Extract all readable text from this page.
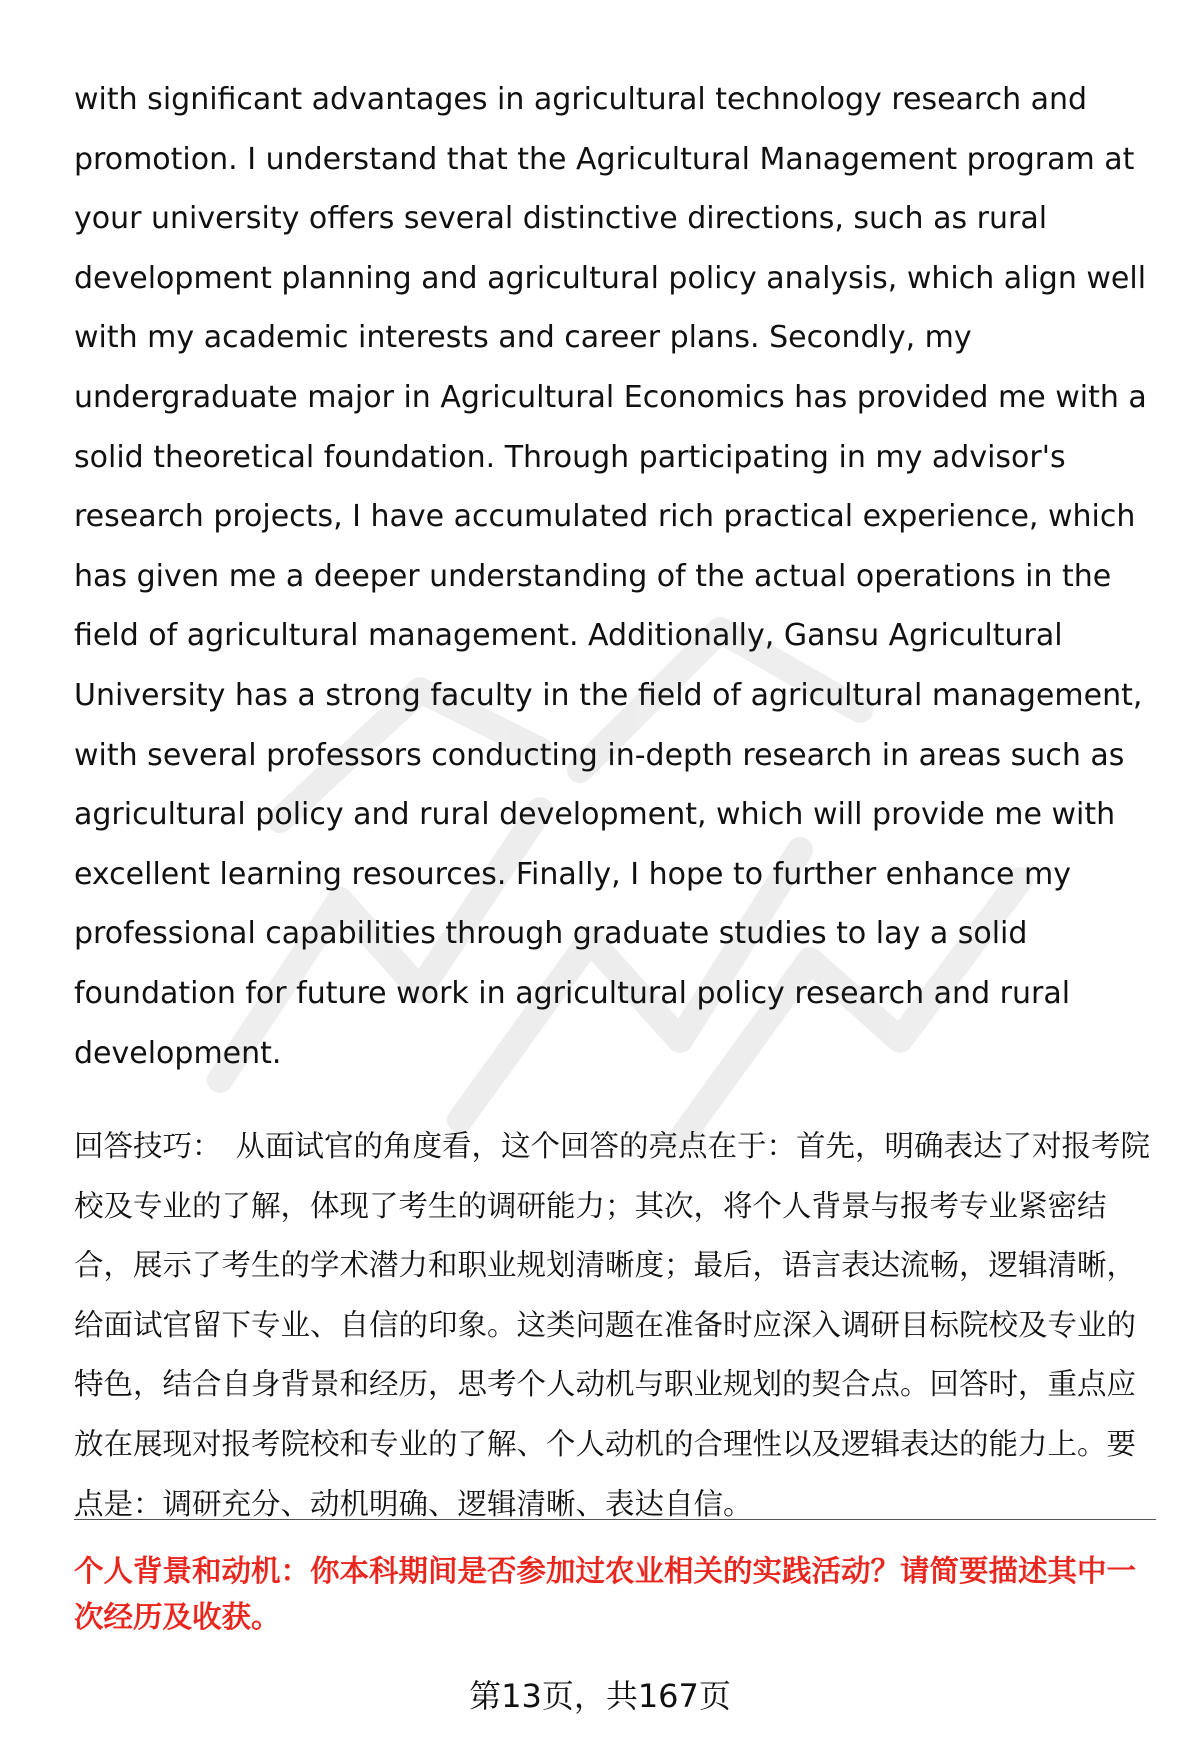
with significant advantages in agricultural technology research and promotion. I understand that the Agricultural Management program at your university offers several distinctive directions, such as rural development planning and agricultural policy analysis, which align well with my academic interests and career plans. Secondly, my undergraduate major in Agricultural Economics has provided me with a solid theoretical foundation. Through participating in my advisor's research projects, I have accumulated rich practical experience, which has given me a deeper understanding of the actual operations in the field of agricultural management. Additionally, Gansu Agricultural University has a strong faculty in the field of agricultural management, with several professors conducting in-depth research in areas such as agricultural policy and rural development, which will provide me with excellent learning resources. Finally, I hope to further enhance my professional capabilities through graduate studies to lay a solid foundation for future work in agricultural policy research and rural development.

回答技巧： 从面试官的角度看，这个回答的亮点在于：首先，明确表达了对报考院校及专业的了解，体现了考生的调研能力；其次，将个人背景与报考专业紧密结合，展示了考生的学术潜力和职业规划清晰度；最后，语言表达流畅，逻辑清晰，给面试官留下专业、自信的印象。这类问题在准备时应深入调研目标院校及专业的特色，结合自身背景和经历，思考个人动机与职业规划的契合点。回答时，重点应放在展现对报考院校和专业的了解、个人动机的合理性以及逻辑表达的能力上。要点是：调研充分、动机明确、逻辑清晰、表达自信。

个人背景和动机：你本科期间是否参加过农业相关的实践活动？请简要描述其中一次经历及收获。

第13页，共167页
